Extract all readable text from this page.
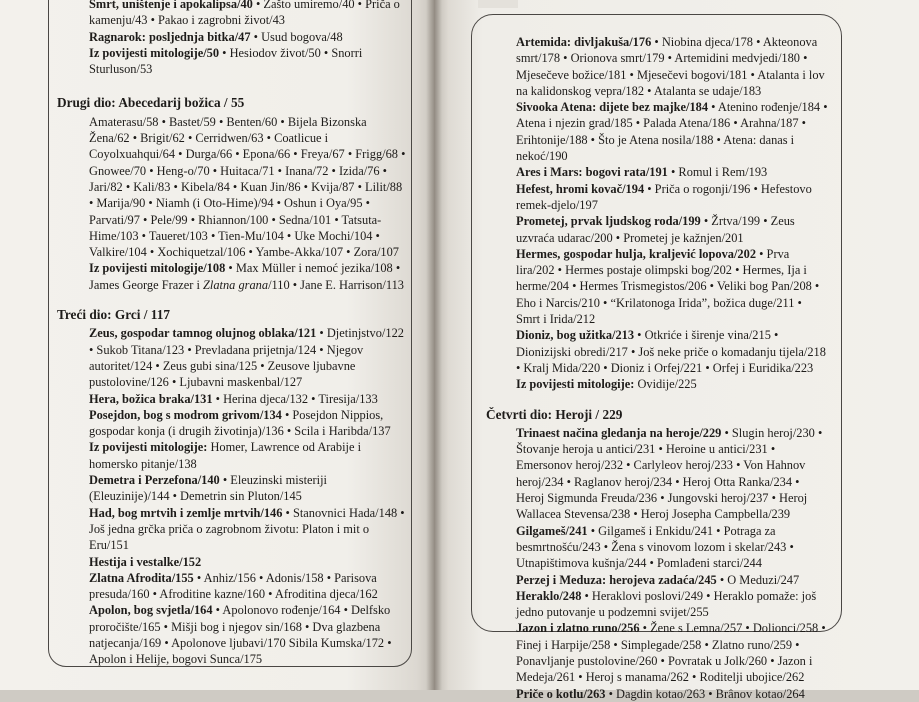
Smrt, uništenje i apokalipsa/40 • Zašto umiremo/40 • Priča o kamenju/43 • Pakao i zagrobni život/43

Ragnarok: posljednja bitka/47 • Usud bogova/48

Iz povijesti mitologije/50 • Hesiodov život/50 • Snorri Sturluson/53

Drugi dio: Abecedarij božica / 55

Amaterasu/58 • Bastet/59 • Benten/60 • Bijela Bizonska Žena/62 • Brigit/62 • Cerridwen/63 • Coatlicue i Coyolxuahqui/64 • Durga/66 • Epona/66 • Freya/67 • Frigg/68 • Gnowee/70 • Heng-o/70 • Huitaca/71 • Inana/72 • Izida/76 • Jari/82 • Kali/83 • Kibela/84 • Kuan Jin/86 • Kvija/87 • Lilit/88 • Marija/90 • Niamh (i Oto-Hime)/94 • Oshun i Oya/95 • Parvati/97 • Pele/99 • Rhiannon/100 • Sedna/101 • Tatsuta-Hime/103 • Taueret/103 • Tien-Mu/104 • Uke Mochi/104 • Valkire/104 • Xochiquetzal/106 • Yambe-Akka/107 • Zora/107

Iz povijesti mitologije/108 • Max Müller i nemoć jezika/108 • James George Frazer i Zlatna grana/110 • Jane E. Harrison/113

Treći dio: Grci / 117

Zeus, gospodar tamnog olujnog oblaka/121 • Djetinjstvo/122 • Sukob Titana/123 • Prevladana prijetnja/124 • Njegov autoritet/124 • Zeus gubi sina/125 • Zeusove ljubavne pustolovine/126 • Ljubavni maskenbal/127

Hera, božica braka/131 • Herina djeca/132 • Tiresija/133

Posejdon, bog s modrom grivom/134 • Posejdon Nippios, gospodar konja (i drugih životinja)/136 • Scila i Haribda/137

Iz povijesti mitologije: Homer, Lawrence od Arabije i homersko pitanje/138

Demetra i Perzefona/140 • Eleuzinski misteriji (Eleuzinije)/144 • Demetrin sin Pluton/145

Had, bog mrtvih i zemlje mrtvih/146 • Stanovnici Hada/148 • Još jedna grčka priča o zagrobnom životu: Platon i mit o Eru/151

Hestija i vestalke/152

Zlatna Afrodita/155 • Anhiz/156 • Adonis/158 • Parisova presuda/160 • Afroditine kazne/160 • Afroditina djeca/162

Apolon, bog svjetla/164 • Apolonovo rođenje/164 • Delfsko proročište/165 • Mišji bog i njegov sin/168 • Dva glazbena natjecanja/169 • Apolonove ljubavi/170 Sibila Kumska/172 • Apolon i Helije, bogovi Sunca/175

Artemida: divljakuša/176 • Niobina djeca/178 • Akteonova smrt/178 • Orionova smrt/179 • Artemidini medvjedi/180 • Mjesečeve božice/181 • Mjesečevi bogovi/181 • Atalanta i lov na kalidonskog vepra/182 • Atalanta se udaje/183

Sivooka Atena: dijete bez majke/184 • Atenino rođenje/184 • Atena i njezin grad/185 • Palada Atena/186 • Arahna/187 • Erihtonije/188 • Što je Atena nosila/188 • Atena: danas i nekoć/190

Ares i Mars: bogovi rata/191 • Romul i Rem/193

Hefest, hromi kovač/194 • Priča o rogonji/196 • Hefestovo remek-djelo/197

Prometej, prvak ljudskog roda/199 • Žrtva/199 • Zeus uzvraća udarac/200 • Prometej je kažnjen/201

Hermes, gospodar hulja, kraljević lopova/202 • Prva lira/202 • Hermes postaje olimpski bog/202 • Hermes, Ija i herme/204 • Hermes Trismegistos/206 • Veliki bog Pan/208 • Eho i Narcis/210 • “Krilatonoga Irida”, božica duge/211 • Smrt i Irida/212

Dioniz, bog užitka/213 • Otkriće i širenje vina/215 • Dionizijski obredi/217 • Još neke priče o komadanju tijela/218 • Kralj Mida/220 • Dioniz i Orfej/221 • Orfej i Euridika/223

Iz povijesti mitologije: Ovidije/225

Četvrti dio: Heroji / 229

Trinaest načina gledanja na heroje/229 • Slugin heroj/230 • Štovanje heroja u antici/231 • Heroine u antici/231 • Emersonov heroj/232 • Carlyleov heroj/233 • Von Hahnov heroj/234 • Raglanov heroj/234 • Heroj Otta Ranka/234 • Heroj Sigmunda Freuda/236 • Jungovski heroj/237 • Heroj Wallacea Stevensa/238 • Heroj Josepha Campbella/239

Gilgameš/241 • Gilgameš i Enkidu/241 • Potraga za besmrtnošću/243 • Žena s vinovom lozom i skelar/243 • Utnapištimova kušnja/244 • Pomlađeni starci/244

Perzej i Meduza: herojeva zadaća/245 • O Meduzi/247

Heraklo/248 • Heraklovi poslovi/249 • Heraklo pomaže: još jedno putovanje u podzemni svijet/255

Jazon i zlatno runo/256 • Žene s Lemna/257 • Dolionci/258 • Finej i Harpije/258 • Simplegade/258 • Zlatno runo/259 • Ponavljanje pustolovine/260 • Povratak u Jolk/260 • Jazon i Medeja/261 • Heroj s manama/262 • Roditelji ubojice/262

Priče o kotlu/263 • Dagdin kotao/263 • Brânov kotao/264
